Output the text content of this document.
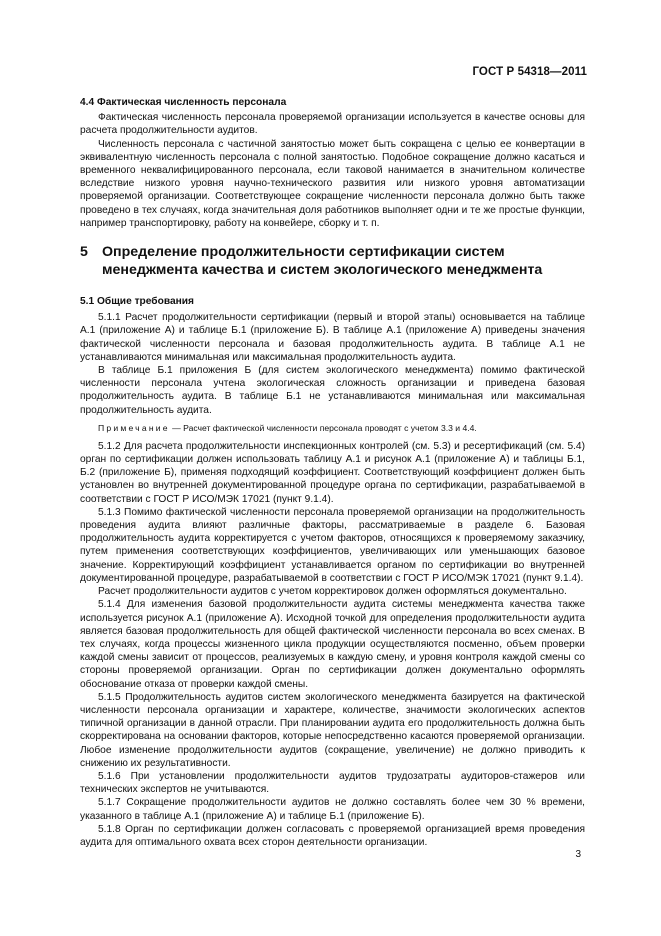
ГОСТ Р 54318—2011
4.4 Фактическая численность персонала

Фактическая численность персонала проверяемой организации используется в качестве основы для расчета продолжительности аудитов.

Численность персонала с частичной занятостью может быть сокращена с целью ее конвертации в эквивалентную численность персонала с полной занятостью. Подобное сокращение должно касаться и временного неквалифицированного персонала, если таковой нанимается в значительном количестве вследствие низкого уровня научно-технического развития или низкого уровня автоматизации проверяемой организации. Соответствующее сокращение численности персонала должно быть также проведено в тех случаях, когда значительная доля работников выполняет одни и те же простые функции, например транспортировку, работу на конвейере, сборку и т. п.

5 Определение продолжительности сертификации систем менеджмента качества и систем экологического менеджмента
5.1 Общие требования

5.1.1 Расчет продолжительности сертификации (первый и второй этапы) основывается на таблице А.1 (приложение А) и таблице Б.1 (приложение Б). В таблице А.1 (приложение А) приведены значения фактической численности персонала и базовая продолжительность аудита. В таблице А.1 не устанавливаются минимальная или максимальная продолжительность аудита.

В таблице Б.1 приложения Б (для систем экологического менеджмента) помимо фактической численности персонала учтена экологическая сложность организации и приведена базовая продолжительность аудита. В таблице Б.1 не устанавливаются минимальная или максимальная продолжительность аудита.

Примечание — Расчет фактической численности персонала проводят с учетом 3.3 и 4.4.

5.1.2 Для расчета продолжительности инспекционных контролей (см. 5.3) и ресертификаций (см. 5.4) орган по сертификации должен использовать таблицу А.1 и рисунок А.1 (приложение А) и таблицы Б.1, Б.2 (приложение Б), применяя подходящий коэффициент. Соответствующий коэффициент должен быть установлен во внутренней документированной процедуре органа по сертификации, разрабатываемой в соответствии с ГОСТ Р ИСО/МЭК 17021 (пункт 9.1.4).

5.1.3 Помимо фактической численности персонала проверяемой организации на продолжительность проведения аудита влияют различные факторы, рассматриваемые в разделе 6. Базовая продолжительность аудита корректируется с учетом факторов, относящихся к проверяемому заказчику, путем применения соответствующих коэффициентов, увеличивающих или уменьшающих базовое значение. Корректирующий коэффициент устанавливается органом по сертификации во внутренней документированной процедуре, разрабатываемой в соответствии с ГОСТ Р ИСО/МЭК 17021 (пункт 9.1.4).

Расчет продолжительности аудитов с учетом корректировок должен оформляться документально.

5.1.4 Для изменения базовой продолжительности аудита системы менеджмента качества также используется рисунок А.1 (приложение А). Исходной точкой для определения продолжительности аудита является базовая продолжительность для общей фактической численности персонала во всех сменах. В тех случаях, когда процессы жизненного цикла продукции осуществляются посменно, объем проверки каждой смены зависит от процессов, реализуемых в каждую смену, и уровня контроля каждой смены со стороны проверяемой организации. Орган по сертификации должен документально оформлять обоснование отказа от проверки каждой смены.

5.1.5 Продолжительность аудитов систем экологического менеджмента базируется на фактической численности персонала организации и характере, количестве, значимости экологических аспектов типичной организации в данной отрасли. При планировании аудита его продолжительность должна быть скорректирована на основании факторов, которые непосредственно касаются проверяемой организации. Любое изменение продолжительности аудитов (сокращение, увеличение) не должно приводить к снижению их результативности.

5.1.6 При установлении продолжительности аудитов трудозатраты аудиторов-стажеров или технических экспертов не учитываются.

5.1.7 Сокращение продолжительности аудитов не должно составлять более чем 30 % времени, указанного в таблице А.1 (приложение А) и таблице Б.1 (приложение Б).

5.1.8 Орган по сертификации должен согласовать с проверяемой организацией время проведения аудита для оптимального охвата всех сторон деятельности организации.

3
